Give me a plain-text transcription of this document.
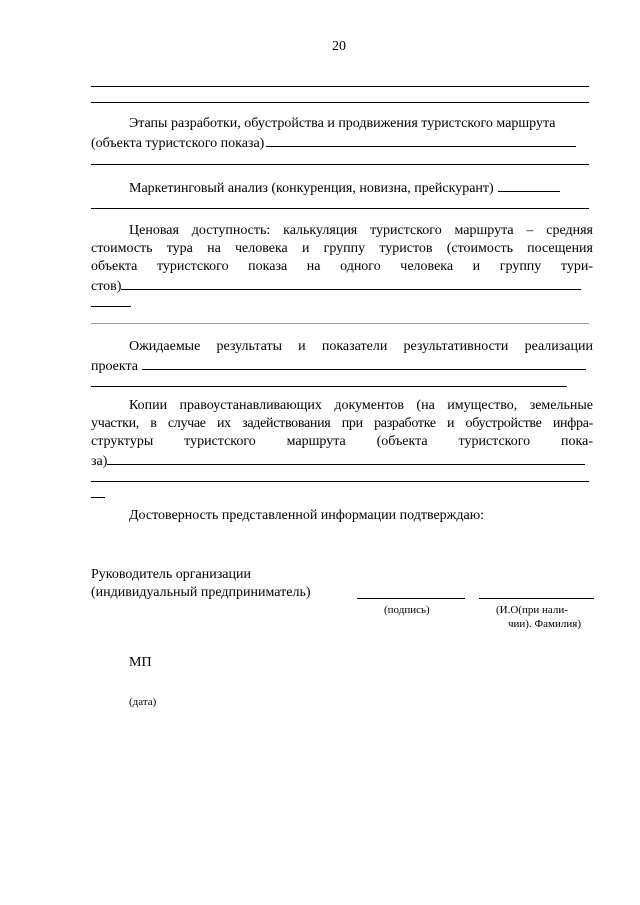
20
Этапы разработки, обустройства и продвижения туристского маршрута
(объекта туристского показа)
Маркетинговый анализ (конкуренция, новизна, прейскурант)
Ценовая доступность: калькуляция туристского маршрута – средняя
стоимость тура на человека и группу туристов (стоимость посещения
объекта туристского показа на одного человека и группу тури-
стов)
Ожидаемые результаты и показатели результативности реализации
проекта
Копии правоустанавливающих документов (на имущество, земельные
участки, в случае их задействования при разработке и обустройстве инфра-
структуры туристского маршрута (объекта туристского пока-
за)
Достоверность представленной информации подтверждаю:
Руководитель организации
(индивидуальный предприниматель)
(подпись)	(И.О(при нали-
чии). Фамилия)
МП
(дата)
